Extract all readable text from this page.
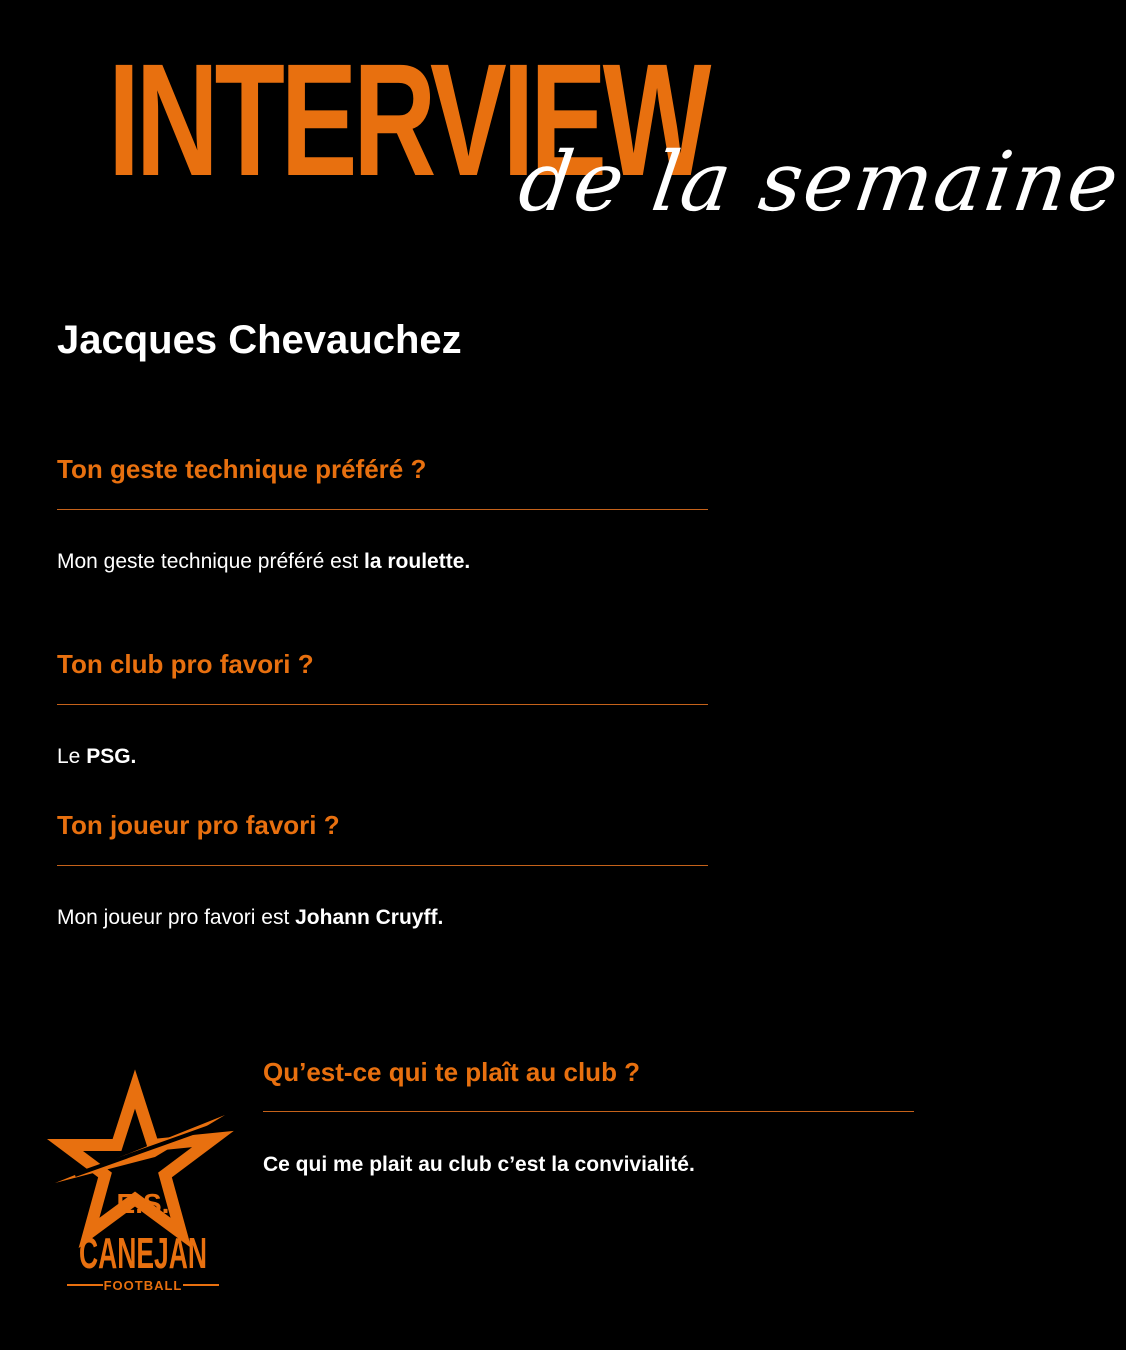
INTERVIEW
de la semaine
Jacques Chevauchez
Ton geste technique préféré ?
Mon geste technique préféré est la roulette.
Ton club pro favori ?
Le PSG.
Ton joueur pro favori ?
Mon joueur pro favori est Johann Cruyff.
Qu’est-ce qui te plaît au club ?
Ce qui me plait au club c’est la convivialité.
E.S.
CANEJAN
FOOTBALL
